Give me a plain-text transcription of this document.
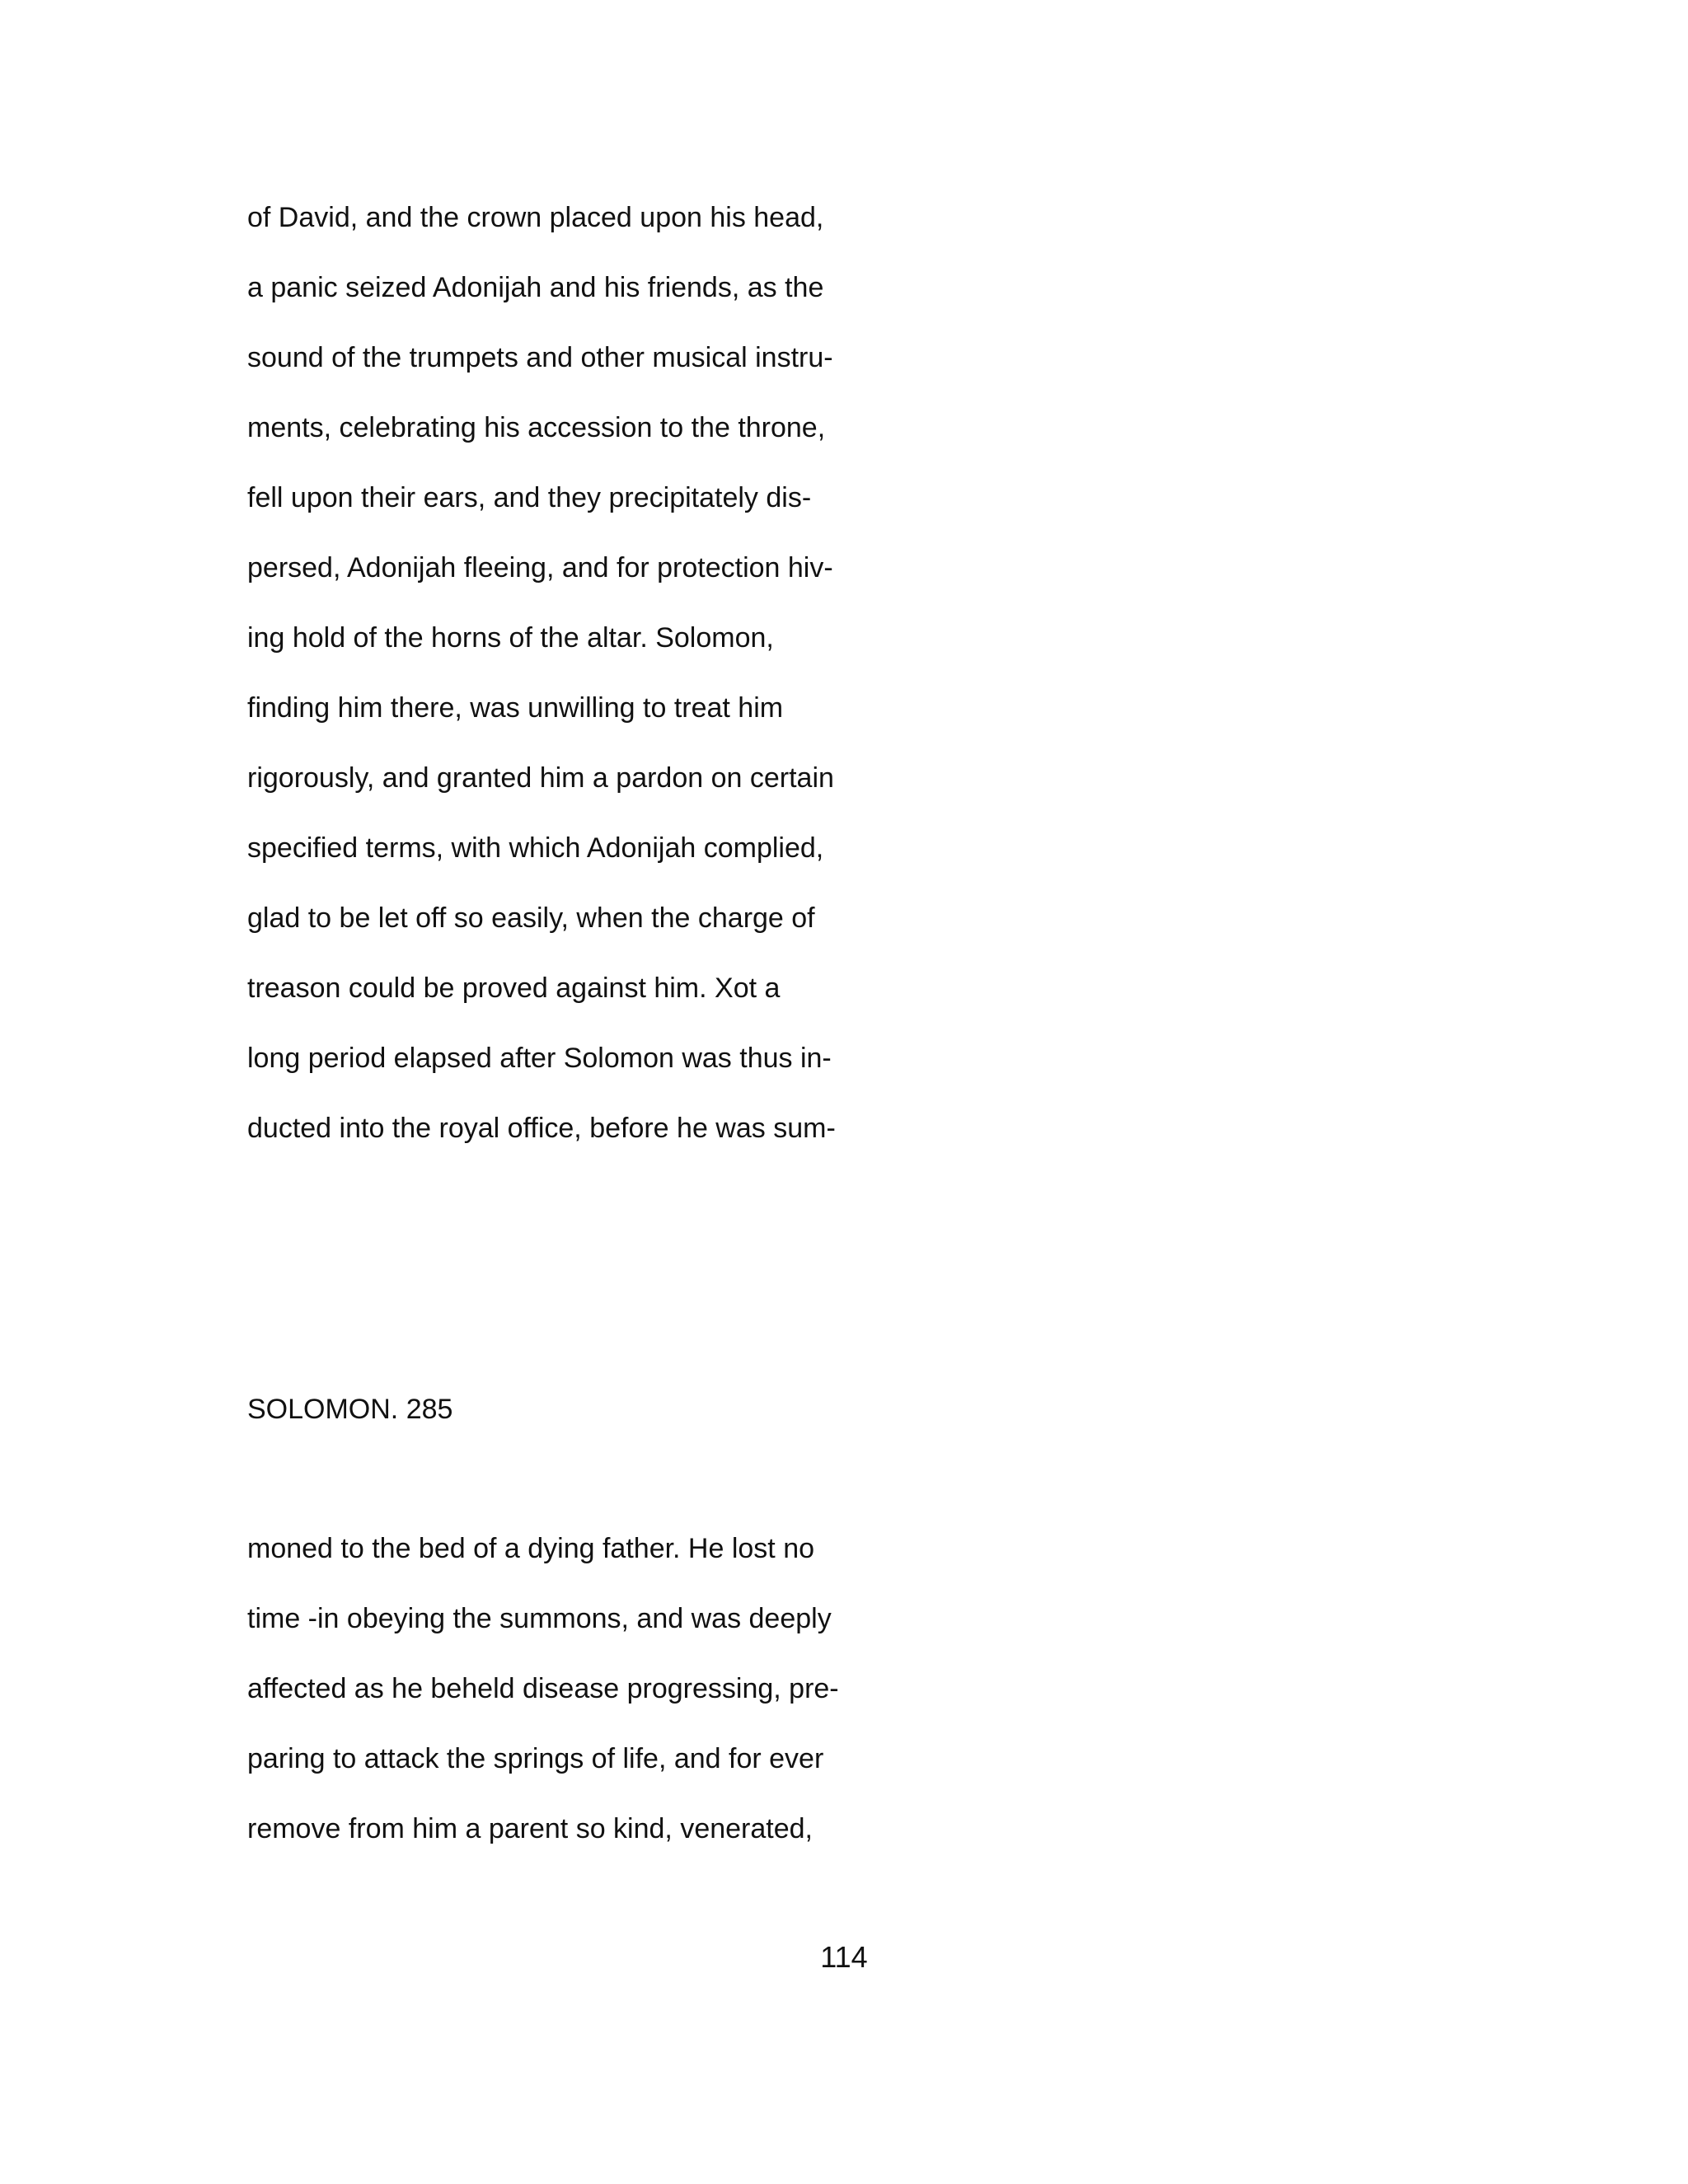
of David, and the crown placed upon his head,
a panic seized Adonijah and his friends, as the
sound of the trumpets and other musical instru-
ments, celebrating his accession to the throne,
fell upon their ears, and they precipitately dis-
persed, Adonijah fleeing, and for protection hiv-
ing hold of the horns of the altar. Solomon,
finding him there, was unwilling to treat him
rigorously, and granted him a pardon on certain
specified terms, with which Adonijah complied,
glad to be let off so easily, when the charge of
treason could be proved against him. Xot a
long period elapsed after Solomon was thus in-
ducted into the royal office, before he was sum-
SOLOMON. 285
moned to the bed of a dying father. He lost no
time -in obeying the summons, and was deeply
affected as he beheld disease progressing, pre-
paring to attack the springs of life, and for ever
remove from him a parent so kind, venerated,
114
